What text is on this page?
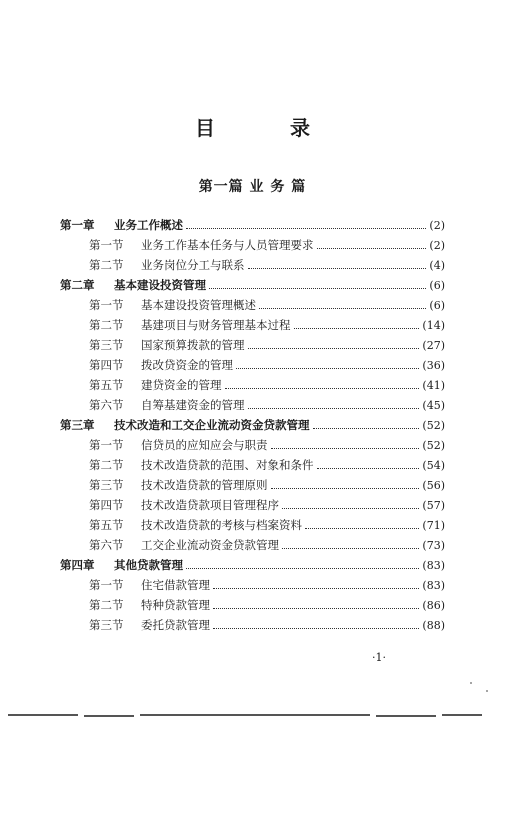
目 录
第一篇 业 务 篇
第一章 业务工作概述	(2)
第一节 业务工作基本任务与人员管理要求	(2)
第二节 业务岗位分工与联系	(4)
第二章 基本建设投资管理	(6)
第一节 基本建设投资管理概述	(6)
第二节 基建项目与财务管理基本过程	(14)
第三节 国家预算拨款的管理	(27)
第四节 拨改贷资金的管理	(36)
第五节 建贷资金的管理	(41)
第六节 自筹基建资金的管理	(45)
第三章 技术改造和工交企业流动资金贷款管理	(52)
第一节 信贷员的应知应会与职责	(52)
第二节 技术改造贷款的范围、对象和条件	(54)
第三节 技术改造贷款的管理原则	(56)
第四节 技术改造贷款项目管理程序	(57)
第五节 技术改造贷款的考核与档案资料	(71)
第六节 工交企业流动资金贷款管理	(73)
第四章 其他贷款管理	(83)
第一节 住宅借款管理	(83)
第二节 特种贷款管理	(86)
第三节 委托贷款管理	(88)
·1·
